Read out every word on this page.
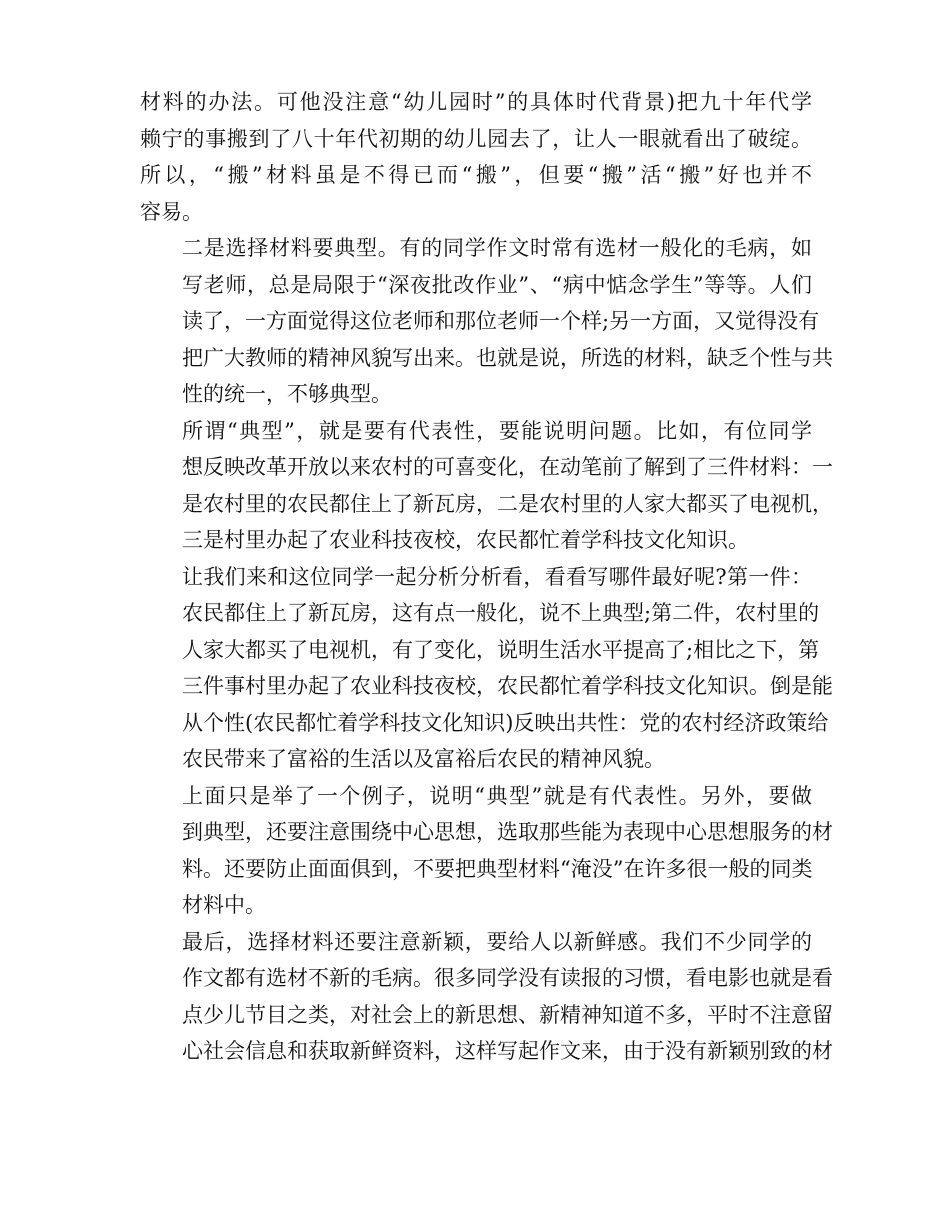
材料的办法。可他没注意“幼儿园时”的具体时代背景)把九十年代学
赖宁的事搬到了八十年代初期的幼儿园去了，让人一眼就看出了破绽。
所以，“搬”材料虽是不得已而“搬”，但要“搬”活“搬”好也并不
容易。

二是选择材料要典型。有的同学作文时常有选材一般化的毛病，如
写老师，总是局限于“深夜批改作业”、“病中惦念学生”等等。人们
读了，一方面觉得这位老师和那位老师一个样;另一方面，又觉得没有
把广大教师的精神风貌写出来。也就是说，所选的材料，缺乏个性与共
性的统一，不够典型。

所谓“典型”，就是要有代表性，要能说明问题。比如，有位同学
想反映改革开放以来农村的可喜变化，在动笔前了解到了三件材料：一
是农村里的农民都住上了新瓦房，二是农村里的人家大都买了电视机，
三是村里办起了农业科技夜校，农民都忙着学科技文化知识。

让我们来和这位同学一起分析分析看，看看写哪件最好呢?第一件：
农民都住上了新瓦房，这有点一般化，说不上典型;第二件，农村里的
人家大都买了电视机，有了变化，说明生活水平提高了;相比之下，第
三件事村里办起了农业科技夜校，农民都忙着学科技文化知识。倒是能
从个性(农民都忙着学科技文化知识)反映出共性：党的农村经济政策给
农民带来了富裕的生活以及富裕后农民的精神风貌。

上面只是举了一个例子，说明“典型”就是有代表性。另外，要做
到典型，还要注意围绕中心思想，选取那些能为表现中心思想服务的材
料。还要防止面面俱到，不要把典型材料“淹没”在许多很一般的同类
材料中。

最后，选择材料还要注意新颖，要给人以新鲜感。我们不少同学的
作文都有选材不新的毛病。很多同学没有读报的习惯，看电影也就是看
点少儿节目之类，对社会上的新思想、新精神知道不多，平时不注意留
心社会信息和获取新鲜资料，这样写起作文来，由于没有新颖别致的材
